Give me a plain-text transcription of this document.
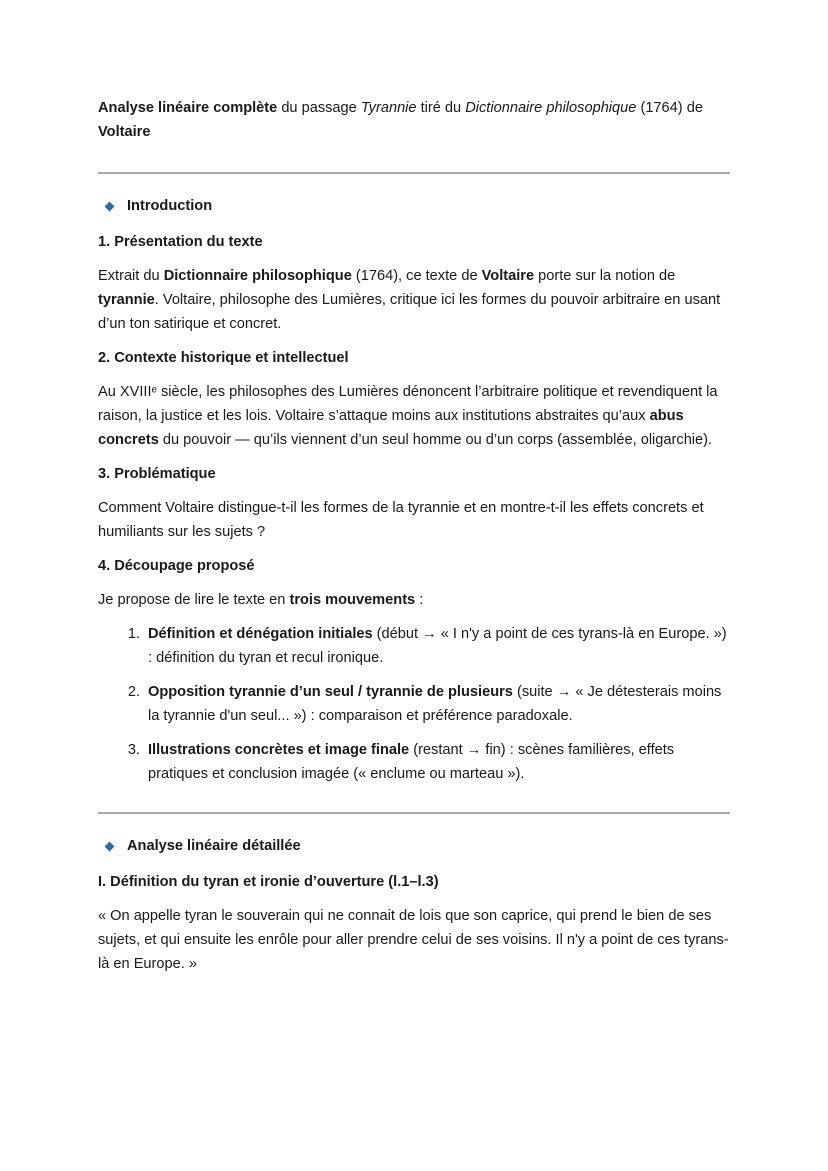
Analyse linéaire complète du passage Tyrannie tiré du Dictionnaire philosophique (1764) de Voltaire
Introduction
1. Présentation du texte
Extrait du Dictionnaire philosophique (1764), ce texte de Voltaire porte sur la notion de tyrannie. Voltaire, philosophe des Lumières, critique ici les formes du pouvoir arbitraire en usant d’un ton satirique et concret.
2. Contexte historique et intellectuel
Au XVIIIᵉ siècle, les philosophes des Lumières dénoncent l’arbitraire politique et revendiquent la raison, la justice et les lois. Voltaire s’attaque moins aux institutions abstraites qu’aux abus concrets du pouvoir — qu’ils viennent d’un seul homme ou d’un corps (assemblée, oligarchie).
3. Problématique
Comment Voltaire distingue-t-il les formes de la tyrannie et en montre-t-il les effets concrets et humiliants sur les sujets ?
4. Découpage proposé
Je propose de lire le texte en trois mouvements :
1. Définition et dénégation initiales (début → « I n'y a point de ces tyrans-là en Europe. ») : définition du tyran et recul ironique.
2. Opposition tyrannie d’un seul / tyrannie de plusieurs (suite → « Je détesterais moins la tyrannie d'un seul... ») : comparaison et préférence paradoxale.
3. Illustrations concrètes et image finale (restant → fin) : scènes familières, effets pratiques et conclusion imagée (« enclume ou marteau »).
Analyse linéaire détaillée
I. Définition du tyran et ironie d’ouverture (l.1–l.3)
« On appelle tyran le souverain qui ne connait de lois que son caprice, qui prend le bien de ses sujets, et qui ensuite les enrôle pour aller prendre celui de ses voisins. Il n'y a point de ces tyrans-là en Europe. »
